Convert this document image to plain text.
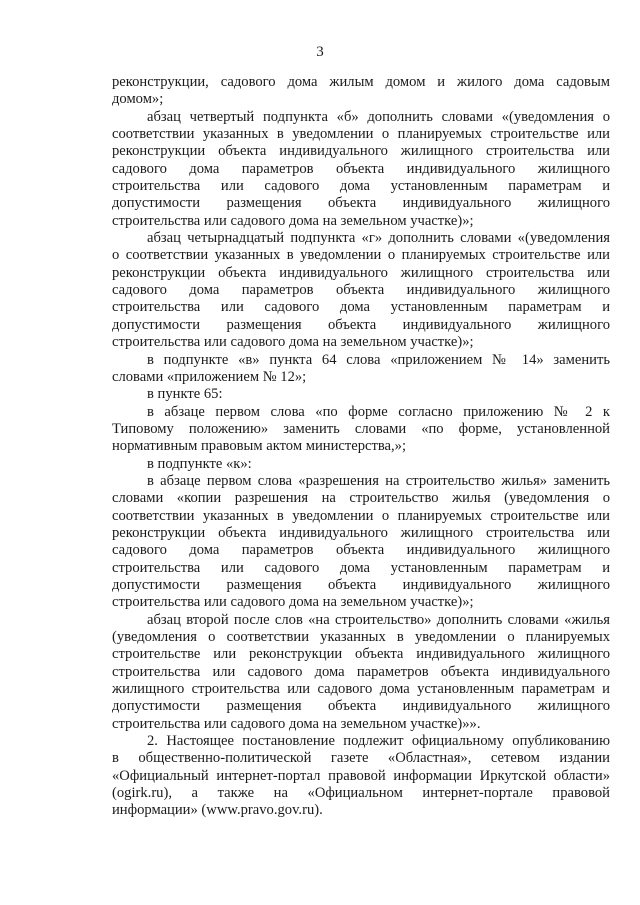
3
реконструкции, садового дома жилым домом и жилого дома садовым
домом»;
абзац четвертый подпункта «б» дополнить словами «(уведомления о
соответствии указанных в уведомлении о планируемых строительстве или
реконструкции объекта индивидуального жилищного строительства или
садового дома параметров объекта индивидуального жилищного
строительства или садового дома установленным параметрам и
допустимости размещения объекта индивидуального жилищного
строительства или садового дома на земельном участке)»;
абзац четырнадцатый подпункта «г» дополнить словами «(уведомления
о соответствии указанных в уведомлении о планируемых строительстве или
реконструкции объекта индивидуального жилищного строительства или
садового дома параметров объекта индивидуального жилищного
строительства или садового дома установленным параметрам и
допустимости размещения объекта индивидуального жилищного
строительства или садового дома на земельном участке)»;
в подпункте «в» пункта 64 слова «приложением № 14» заменить
словами «приложением № 12»;
в пункте 65:
в абзаце первом слова «по форме согласно приложению № 2 к
Типовому положению» заменить словами «по форме, установленной
нормативным правовым актом министерства,»;
в подпункте «к»:
в абзаце первом слова «разрешения на строительство жилья» заменить
словами «копии разрешения на строительство жилья (уведомления о
соответствии указанных в уведомлении о планируемых строительстве или
реконструкции объекта индивидуального жилищного строительства или
садового дома параметров объекта индивидуального жилищного
строительства или садового дома установленным параметрам и
допустимости размещения объекта индивидуального жилищного
строительства или садового дома на земельном участке)»;
абзац второй после слов «на строительство» дополнить словами «жилья
(уведомления о соответствии указанных в уведомлении о планируемых
строительстве или реконструкции объекта индивидуального жилищного
строительства или садового дома параметров объекта индивидуального
жилищного строительства или садового дома установленным параметрам и
допустимости размещения объекта индивидуального жилищного
строительства или садового дома на земельном участке)»».
2. Настоящее постановление подлежит официальному опубликованию
в общественно-политической газете «Областная», сетевом издании
«Официальный интернет-портал правовой информации Иркутской области»
(ogirk.ru), а также на «Официальном интернет-портале правовой
информации» (www.pravo.gov.ru).
